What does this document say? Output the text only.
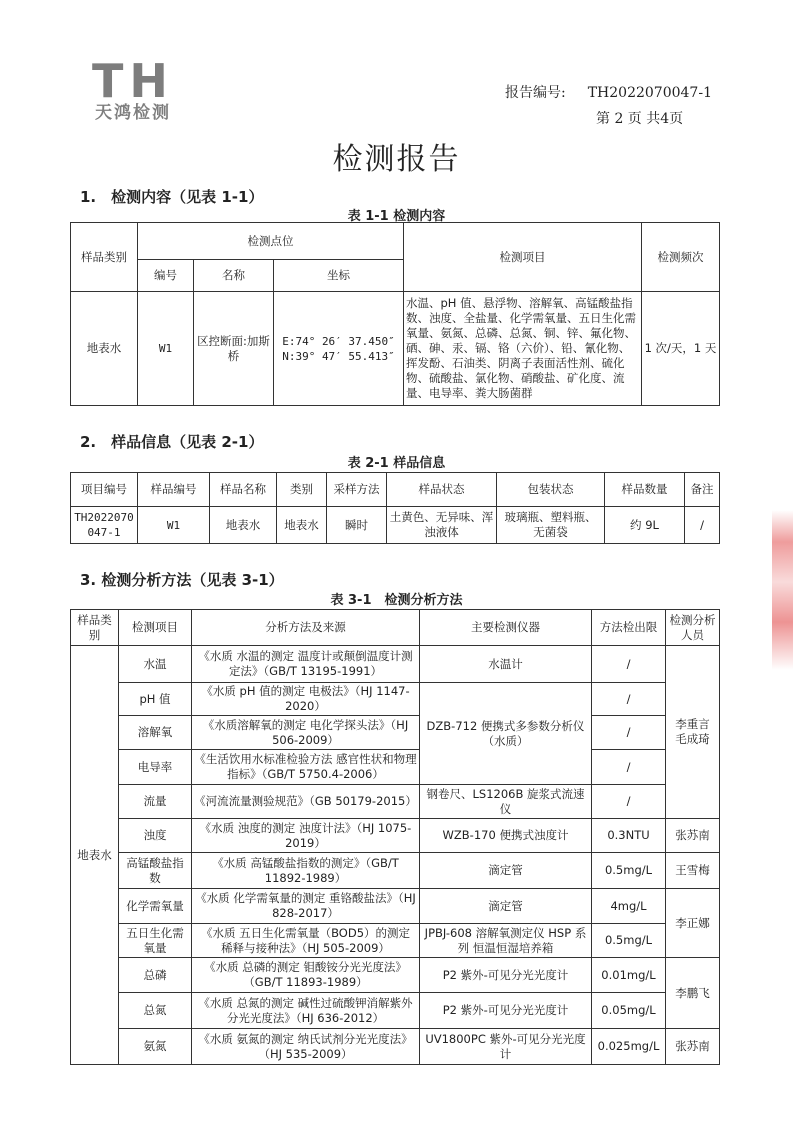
TH
天鸿检测
报告编号: TH2022070047-1
第 2 页 共4页
检测报告
1.　检测内容（见表 1-1）
表 1-1 检测内容
样品类别	检测点位			检测项目	检测频次
	编号	名称	坐标		
地表水	W1	区控断面:加斯桥	E:74° 26′ 37.450″
N:39° 47′ 55.413″	水温、pH 值、悬浮物、溶解氧、高锰酸盐指数、浊度、全盐量、化学需氧量、五日生化需氧量、氨氮、总磷、总氮、铜、锌、氟化物、硒、砷、汞、镉、铬（六价）、铅、氰化物、挥发酚、石油类、阴离子表面活性剂、硫化物、硫酸盐、氯化物、硝酸盐、矿化度、流量、电导率、粪大肠菌群	1 次/天，1 天
2.　样品信息（见表 2-1）
表 2-1 样品信息
项目编号	样品编号	样品名称	类别	采样方法	样品状态	包装状态	样品数量	备注
TH2022070047-1	W1	地表水	地表水	瞬时	土黄色、无异味、浑浊液体	玻璃瓶、塑料瓶、无菌袋	约 9L	/
3. 检测分析方法（见表 3-1）
表 3-1　检测分析方法
样品类别	检测项目	分析方法及来源	主要检测仪器	方法检出限	检测分析人员
地表水	水温	《水质 水温的测定 温度计或颠倒温度计测定法》（GB/T 13195-1991）	水温计	/	李重言 毛成琦
	pH 值	《水质 pH 值的测定 电极法》（HJ 1147-2020）	DZB-712 便携式多参数分析仪（水质）	/	
	溶解氧	《水质溶解氧的测定 电化学探头法》（HJ 506-2009）		/	
	电导率	《生活饮用水标准检验方法 感官性状和物理指标》（GB/T 5750.4-2006）		/	
	流量	《河流流量测验规范》（GB 50179-2015）	钢卷尺、LS1206B 旋浆式流速仪	/	
	浊度	《水质 浊度的测定 浊度计法》（HJ 1075-2019）	WZB-170 便携式浊度计	0.3NTU	张苏南
	高锰酸盐指数	《水质 高锰酸盐指数的测定》（GB/T 11892-1989）	滴定管	0.5mg/L	王雪梅
	化学需氧量	《水质 化学需氧量的测定 重铬酸盐法》（HJ 828-2017）	滴定管	4mg/L	李正娜
	五日生化需氧量	《水质 五日生化需氧量（BOD5）的测定 稀释与接种法》（HJ 505-2009）	JPBJ-608 溶解氧测定仪 HSP 系列 恒温恒湿培养箱	0.5mg/L	
	总磷	《水质 总磷的测定 钼酸铵分光光度法》（GB/T 11893-1989）	P2 紫外-可见分光光度计	0.01mg/L	李鹏飞
	总氮	《水质 总氮的测定 碱性过硫酸钾消解紫外分光光度法》（HJ 636-2012）	P2 紫外-可见分光光度计	0.05mg/L	
	氨氮	《水质 氨氮的测定 纳氏试剂分光光度法》（HJ 535-2009）	UV1800PC 紫外-可见分光光度计	0.025mg/L	张苏南
